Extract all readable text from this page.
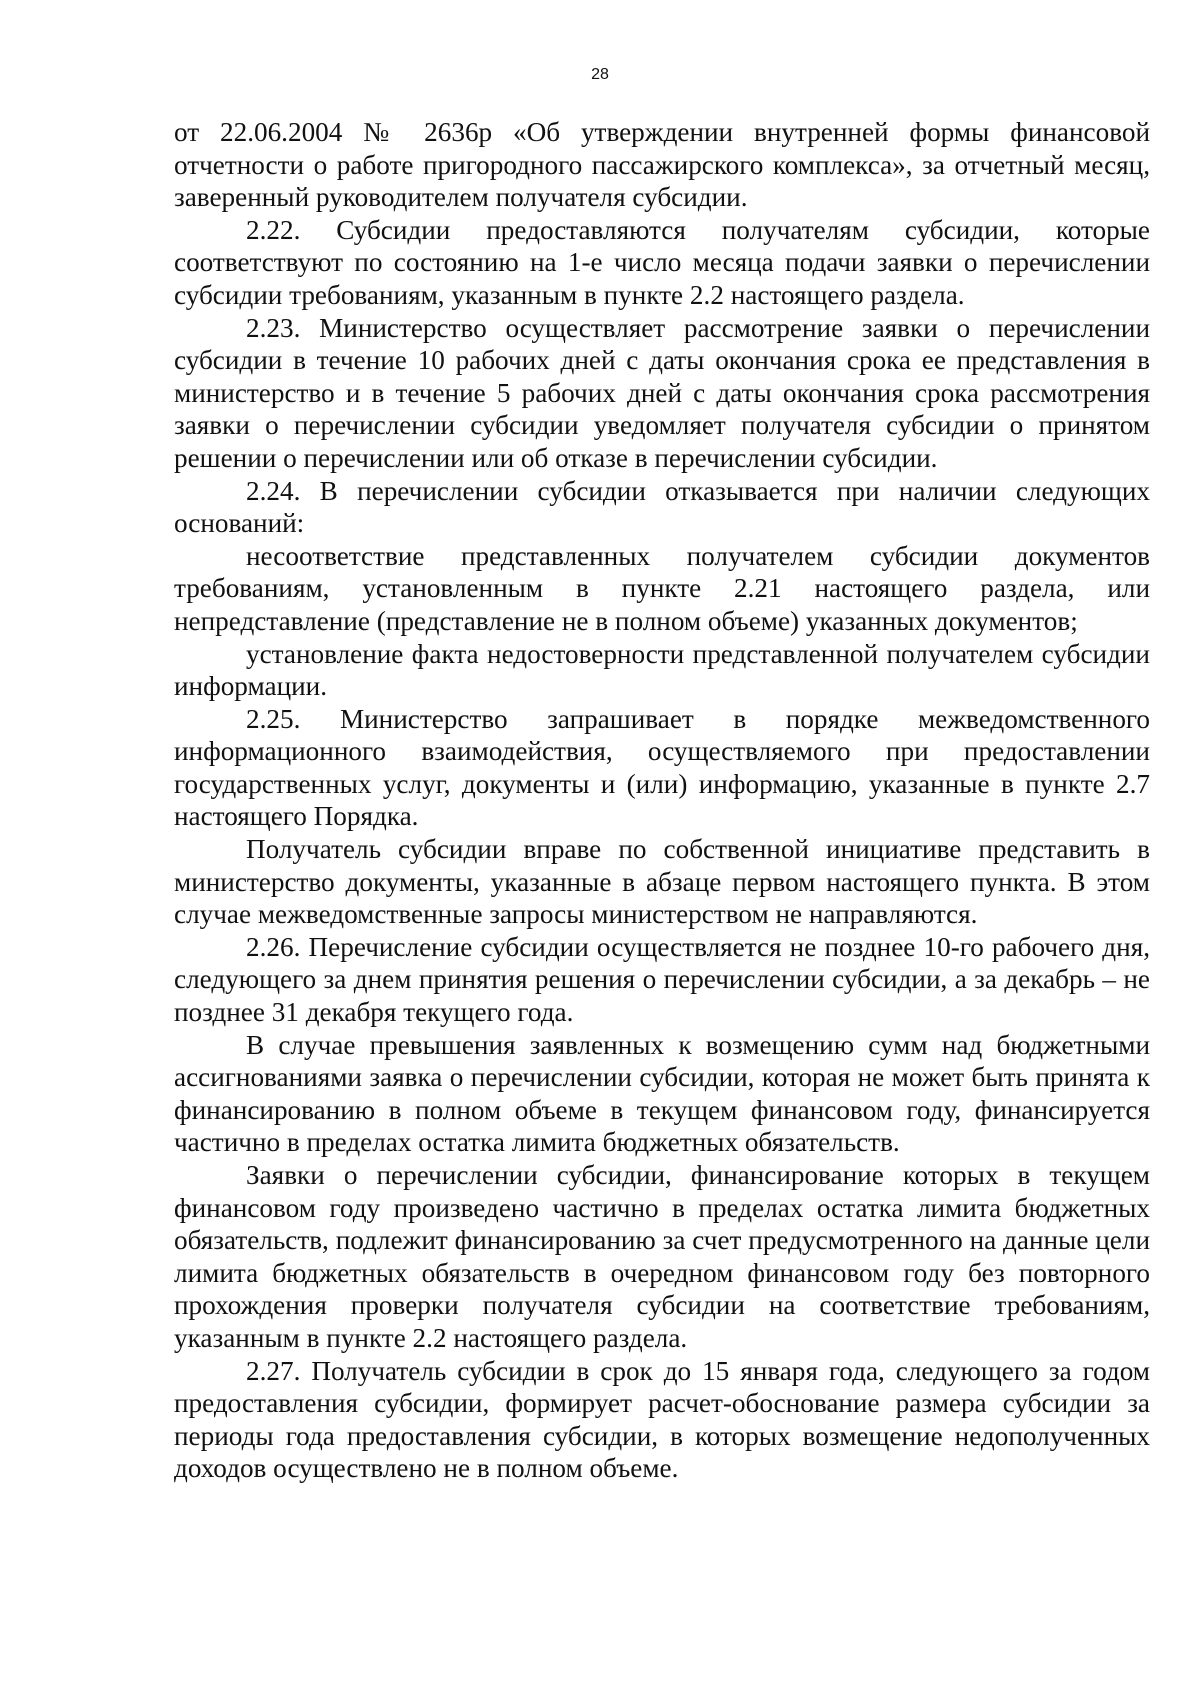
28

от 22.06.2004 № 2636р «Об утверждении внутренней формы финансовой отчетности о работе пригородного пассажирского комплекса», за отчетный месяц, заверенный руководителем получателя субсидии.

2.22. Субсидии предоставляются получателям субсидии, которые соответствуют по состоянию на 1-е число месяца подачи заявки о перечислении субсидии требованиям, указанным в пункте 2.2 настоящего раздела.

2.23. Министерство осуществляет рассмотрение заявки о перечислении субсидии в течение 10 рабочих дней с даты окончания срока ее представления в министерство и в течение 5 рабочих дней с даты окончания срока рассмотрения заявки о перечислении субсидии уведомляет получателя субсидии о принятом решении о перечислении или об отказе в перечислении субсидии.

2.24. В перечислении субсидии отказывается при наличии следующих оснований:

несоответствие представленных получателем субсидии документов требованиям, установленным в пункте 2.21 настоящего раздела, или непредставление (представление не в полном объеме) указанных документов;

установление факта недостоверности представленной получателем субсидии информации.

2.25. Министерство запрашивает в порядке межведомственного информационного взаимодействия, осуществляемого при предоставлении государственных услуг, документы и (или) информацию, указанные в пункте 2.7 настоящего Порядка.

Получатель субсидии вправе по собственной инициативе представить в министерство документы, указанные в абзаце первом настоящего пункта. В этом случае межведомственные запросы министерством не направляются.

2.26. Перечисление субсидии осуществляется не позднее 10-го рабочего дня, следующего за днем принятия решения о перечислении субсидии, а за декабрь – не позднее 31 декабря текущего года.

В случае превышения заявленных к возмещению сумм над бюджетными ассигнованиями заявка о перечислении субсидии, которая не может быть принята к финансированию в полном объеме в текущем финансовом году, финансируется частично в пределах остатка лимита бюджетных обязательств.

Заявки о перечислении субсидии, финансирование которых в текущем финансовом году произведено частично в пределах остатка лимита бюджетных обязательств, подлежит финансированию за счет предусмотренного на данные цели лимита бюджетных обязательств в очередном финансовом году без повторного прохождения проверки получателя субсидии на соответствие требованиям, указанным в пункте 2.2 настоящего раздела.

2.27. Получатель субсидии в срок до 15 января года, следующего за годом предоставления субсидии, формирует расчет-обоснование размера субсидии за периоды года предоставления субсидии, в которых возмещение недополученных доходов осуществлено не в полном объеме.
